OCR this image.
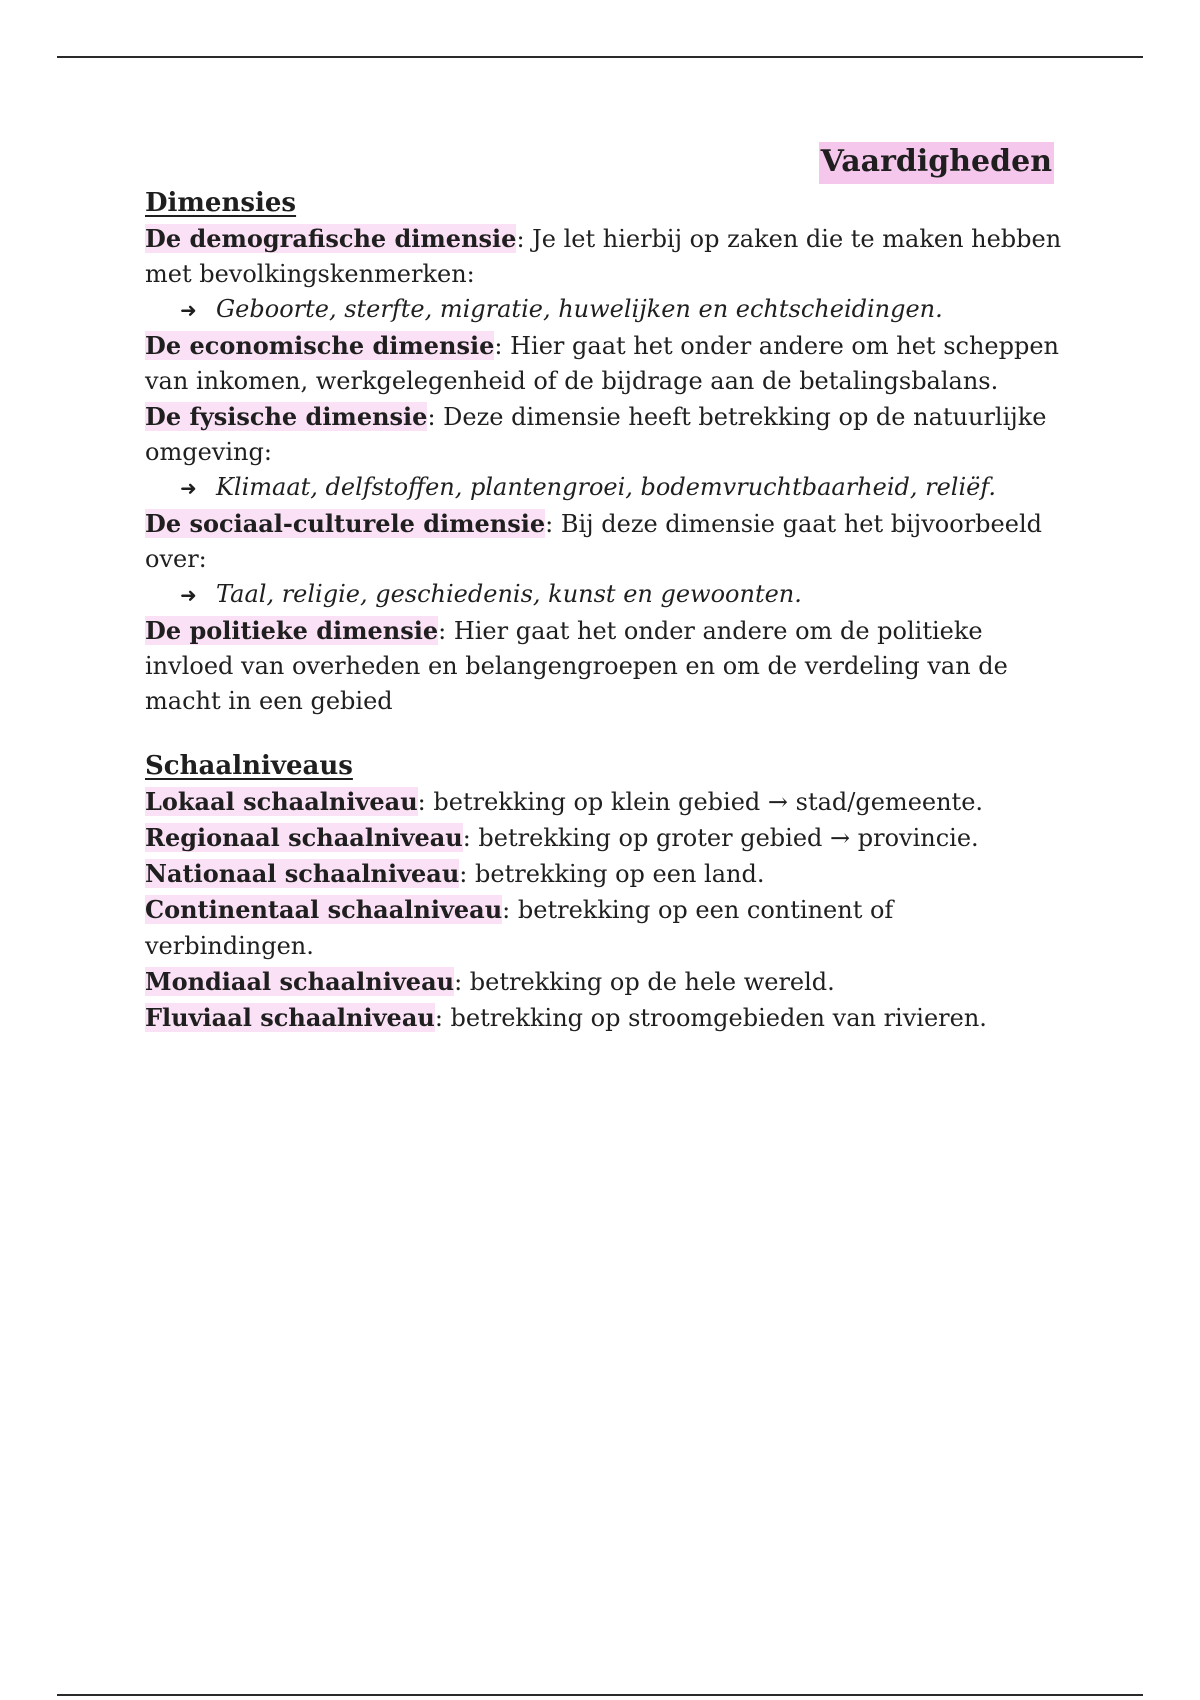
Vaardigheden
Dimensies

De demografische dimensie: Je let hierbij op zaken die te maken hebben met bevolkingskenmerken:

➜ Geboorte, sterfte, migratie, huwelijken en echtscheidingen.

De economische dimensie: Hier gaat het onder andere om het scheppen van inkomen, werkgelegenheid of de bijdrage aan de betalingsbalans.

De fysische dimensie: Deze dimensie heeft betrekking op de natuurlijke omgeving:

➜ Klimaat, delfstoffen, plantengroei, bodemvruchtbaarheid, reliëf.

De sociaal-culturele dimensie: Bij deze dimensie gaat het bijvoorbeeld over:

➜ Taal, religie, geschiedenis, kunst en gewoonten.

De politieke dimensie: Hier gaat het onder andere om de politieke invloed van overheden en belangengroepen en om de verdeling van de macht in een gebied

Schaalniveaus

Lokaal schaalniveau: betrekking op klein gebied → stad/gemeente.

Regionaal schaalniveau: betrekking op groter gebied → provincie.

Nationaal schaalniveau: betrekking op een land.

Continentaal schaalniveau: betrekking op een continent of verbindingen.

Mondiaal schaalniveau: betrekking op de hele wereld.

Fluviaal schaalniveau: betrekking op stroomgebieden van rivieren.
